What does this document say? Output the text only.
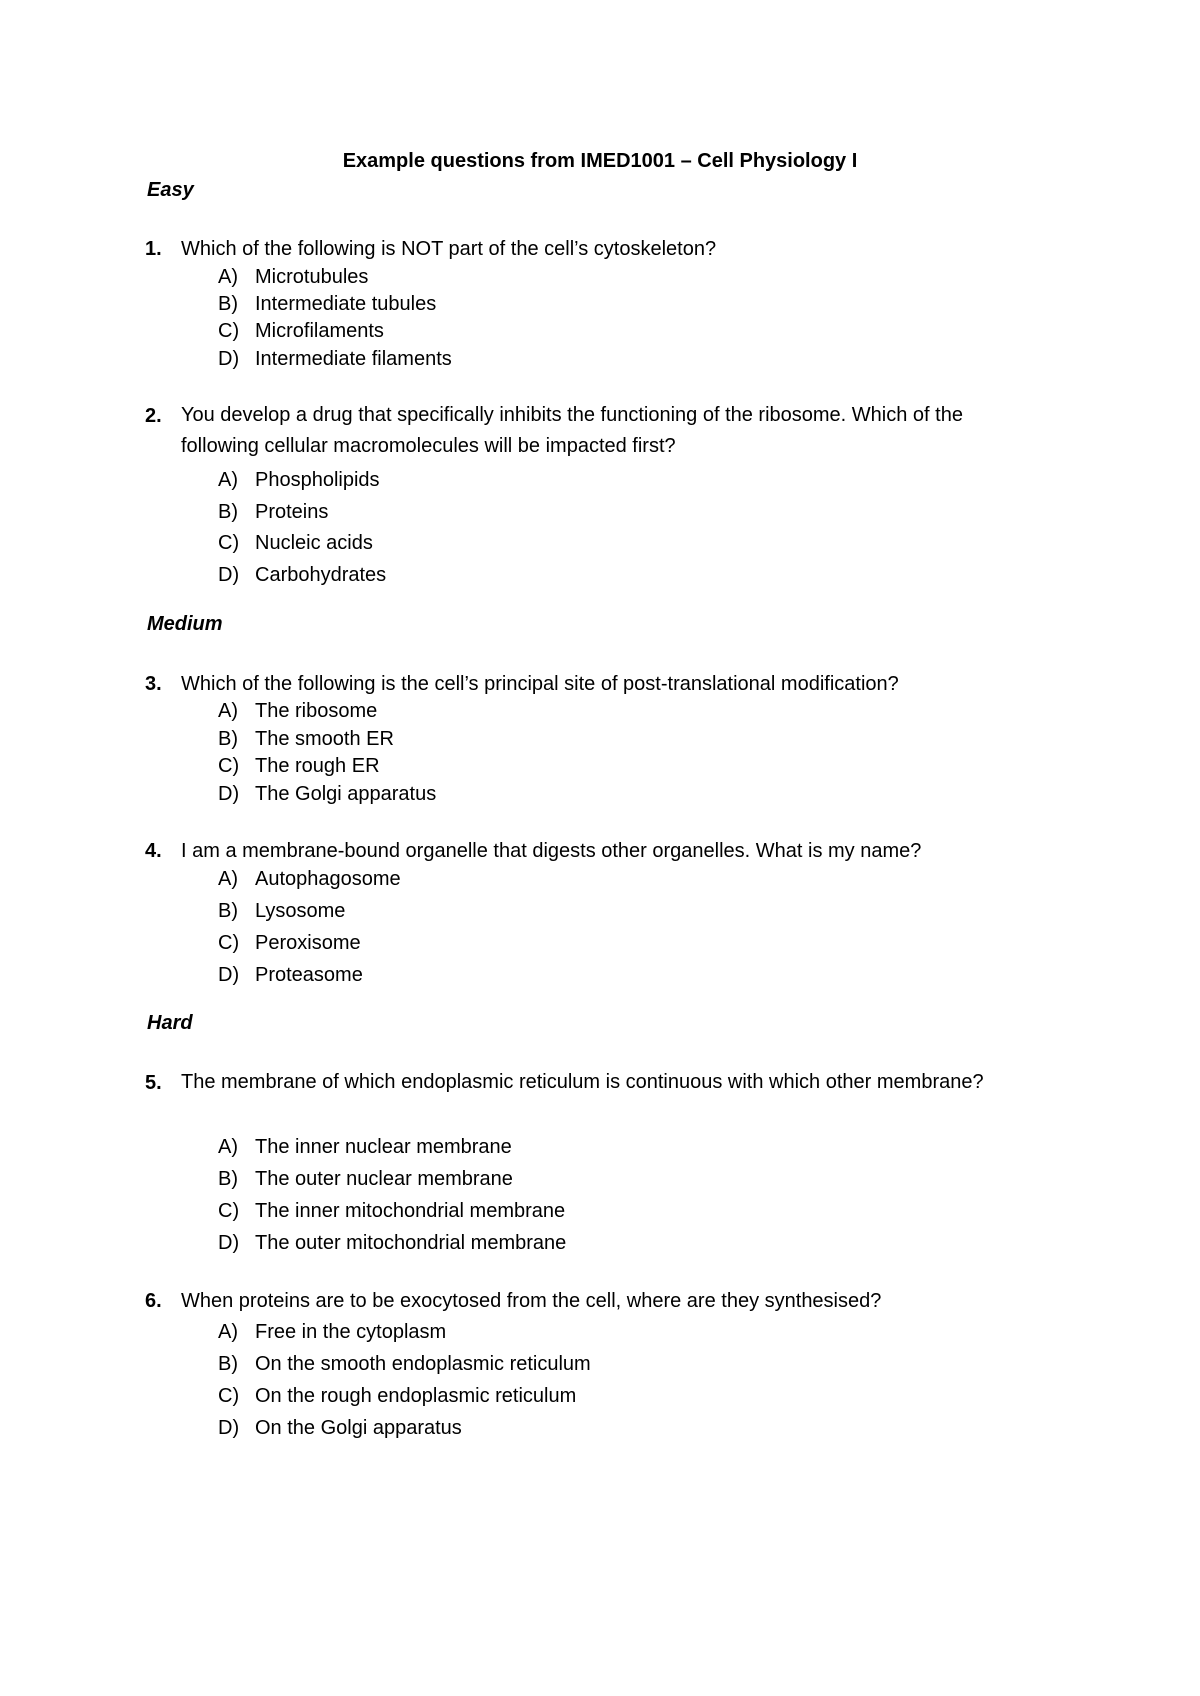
Example questions from IMED1001 – Cell Physiology I
Easy
1. Which of the following is NOT part of the cell’s cytoskeleton?
A) Microtubules
B) Intermediate tubules
C) Microfilaments
D) Intermediate filaments
2. You develop a drug that specifically inhibits the functioning of the ribosome. Which of the following cellular macromolecules will be impacted first?
A) Phospholipids
B) Proteins
C) Nucleic acids
D) Carbohydrates
Medium
3. Which of the following is the cell’s principal site of post-translational modification?
A) The ribosome
B) The smooth ER
C) The rough ER
D) The Golgi apparatus
4. I am a membrane-bound organelle that digests other organelles. What is my name?
A) Autophagosome
B) Lysosome
C) Peroxisome
D) Proteasome
Hard
5. The membrane of which endoplasmic reticulum is continuous with which other membrane?
A) The inner nuclear membrane
B) The outer nuclear membrane
C) The inner mitochondrial membrane
D) The outer mitochondrial membrane
6. When proteins are to be exocytosed from the cell, where are they synthesised?
A) Free in the cytoplasm
B) On the smooth endoplasmic reticulum
C) On the rough endoplasmic reticulum
D) On the Golgi apparatus
